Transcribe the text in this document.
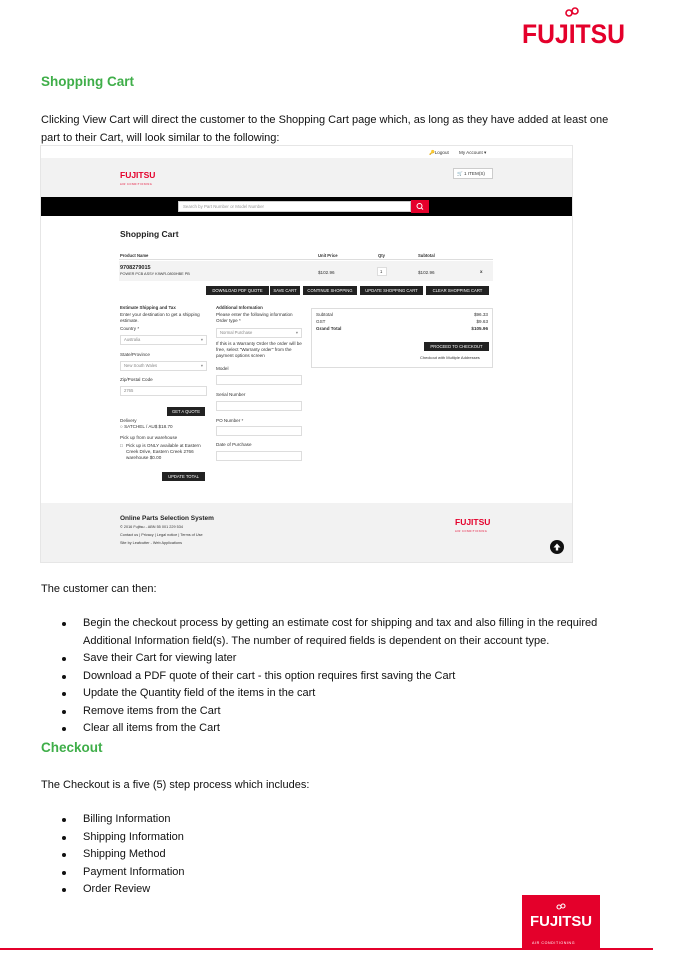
FUJITSU
Shopping Cart
Clicking View Cart will direct the customer to the Shopping Cart page which, as long as they have added at least one
part to their Cart, will look similar to the following:
🔑Logout My Account ▾
FUJITSU
AIR CONDITIONING
🛒 1 ITEM(S)
Search by Part Number or Model Number
Shopping Cart
Product Name	Unit Price	Qty	Subtotal
9708279015
POWER PCB ASSY K9WR-0800HBE PB	$102.96	1	$102.96	x
DOWNLOAD PDF QUOTE	SAVE CART	CONTINUE SHOPPING	UPDATE SHOPPING CART	CLEAR SHOPPING CART
Estimate Shipping and Tax
Enter your destination to get a shipping
estimate.
Country *
Australia	▾
State/Province
New South Wales	▾
Zip/Postal Code
2765
GET A QUOTE
Delivery
○ SATCHEL / AU$ $18.70
Pick up from our warehouse
□ Pick up is ONLY available at Eastern
Creek Drive, Eastern Creek 2766
warehouse $0.00
UPDATE TOTAL
Additional Information
Please enter the following information
Order type *
Normal Purchase	▾
If this is a Warranty Order the order will be
free, select "Warranty order" from the
payment options screen
Model
Serial Number
PO Number *
Date of Purchase
Subtotal	$96.33
GST	$9.63
Grand Total	$105.96
PROCEED TO CHECKOUT
Checkout with Multiple Addresses
Online Parts Selection System
© 2016 Fujitsu - ABN 55 001 229 534
Contact us | Privacy | Legal notice | Terms of Use
Site by Leafcutter - Web Applications
FUJITSU
AIR CONDITIONING
The customer can then:
Begin the checkout process by getting an estimate cost for shipping and tax and also filling in the required
Additional Information field(s). The number of required fields is dependent on their account type.
Save their Cart for viewing later
Download a PDF quote of their cart - this option requires first saving the Cart
Update the Quantity field of the items in the cart
Remove items from the Cart
Clear all items from the Cart
Checkout
The Checkout is a five (5) step process which includes:
Billing Information
Shipping Information
Shipping Method
Payment Information
Order Review
FUJITSU
AIR CONDITIONING
